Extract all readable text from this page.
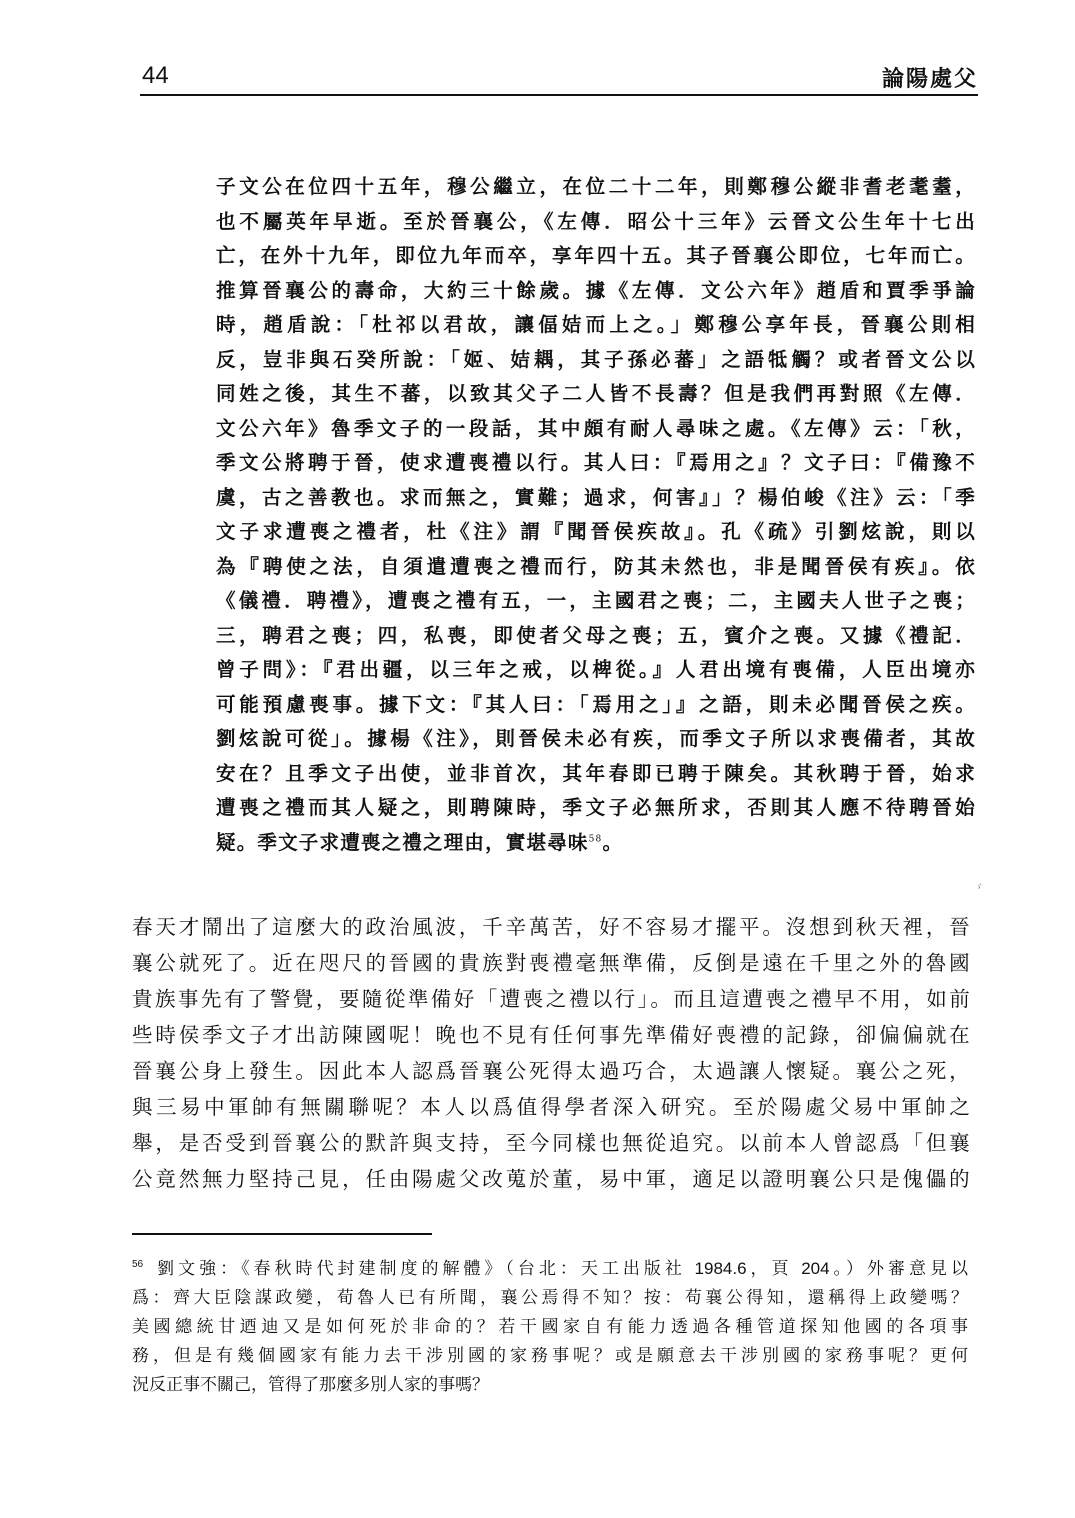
44	論陽處父
子文公在位四十五年，穆公繼立，在位二十二年，則鄭穆公縱非耆老耄耋，
也不屬英年早逝。至於晉襄公，《左傳．昭公十三年》云晉文公生年十七出
亡，在外十九年，即位九年而卒，享年四十五。其子晉襄公即位，七年而亡。
推算晉襄公的壽命，大約三十餘歲。據《左傳．文公六年》趙盾和賈季爭論
時，趙盾說：「杜祁以君故，讓偪姞而上之。」鄭穆公享年長，晉襄公則相
反，豈非與石癸所說：「姬、姞耦，其子孫必蕃」之語牴觸？或者晉文公以
同姓之後，其生不蕃，以致其父子二人皆不長壽？但是我們再對照《左傳．
文公六年》魯季文子的一段話，其中頗有耐人尋味之處。《左傳》云：「秋，
季文公將聘于晉，使求遭喪禮以行。其人曰：『焉用之』？文子曰：『備豫不
虞，古之善教也。求而無之，實難；過求，何害』」？楊伯峻《注》云：「季
文子求遭喪之禮者，杜《注》謂『聞晉侯疾故』。孔《疏》引劉炫說，則以
為『聘使之法，自須遣遭喪之禮而行，防其未然也，非是聞晉侯有疾』。依
《儀禮．聘禮》，遭喪之禮有五，一，主國君之喪；二，主國夫人世子之喪；
三，聘君之喪；四，私喪，即使者父母之喪；五，賓介之喪。又據《禮記．
曾子問》：『君出疆，以三年之戒，以椑從。』人君出境有喪備，人臣出境亦
可能預慮喪事。據下文：『其人曰：「焉用之」』之語，則未必聞晉侯之疾。
劉炫說可從」。據楊《注》，則晉侯未必有疾，而季文子所以求喪備者，其故
安在？且季文子出使，並非首次，其年春即已聘于陳矣。其秋聘于晉，始求
遭喪之禮而其人疑之，則聘陳時，季文子必無所求，否則其人應不待聘晉始
疑。季文子求遭喪之禮之理由，實堪尋味$^{58}$。
ゞ
春天才鬧出了這麼大的政治風波，千辛萬苦，好不容易才擺平。沒想到秋天裡，晉
襄公就死了。近在咫尺的晉國的貴族對喪禮毫無準備，反倒是遠在千里之外的魯國
貴族事先有了警覺，要隨從準備好「遭喪之禮以行」。而且這遭喪之禮早不用，如前
些時侯季文子才出訪陳國呢！晚也不見有任何事先準備好喪禮的記錄，卻偏偏就在
晉襄公身上發生。因此本人認爲晉襄公死得太過巧合，太過讓人懷疑。襄公之死，
與三易中軍帥有無關聯呢？本人以爲值得學者深入研究。至於陽處父易中軍帥之
舉，是否受到晉襄公的默許與支持，至今同樣也無從追究。以前本人曾認爲「但襄
公竟然無力堅持己見，任由陽處父改蒐於董，易中軍，適足以證明襄公只是傀儡的
$^{56}$ 劉文強：《春秋時代封建制度的解體》（台北：天工出版社 1984.6，頁 204。）外審意見以
爲：齊大臣陰謀政變，荀魯人已有所聞，襄公焉得不知？按：苟襄公得知，還稱得上政變嗎？
美國總統甘迺迪又是如何死於非命的？若干國家自有能力透過各種管道探知他國的各項事
務，但是有幾個國家有能力去干涉別國的家務事呢？或是願意去干涉別國的家務事呢？更何
況反正事不關己，管得了那麼多別人家的事嗎？
